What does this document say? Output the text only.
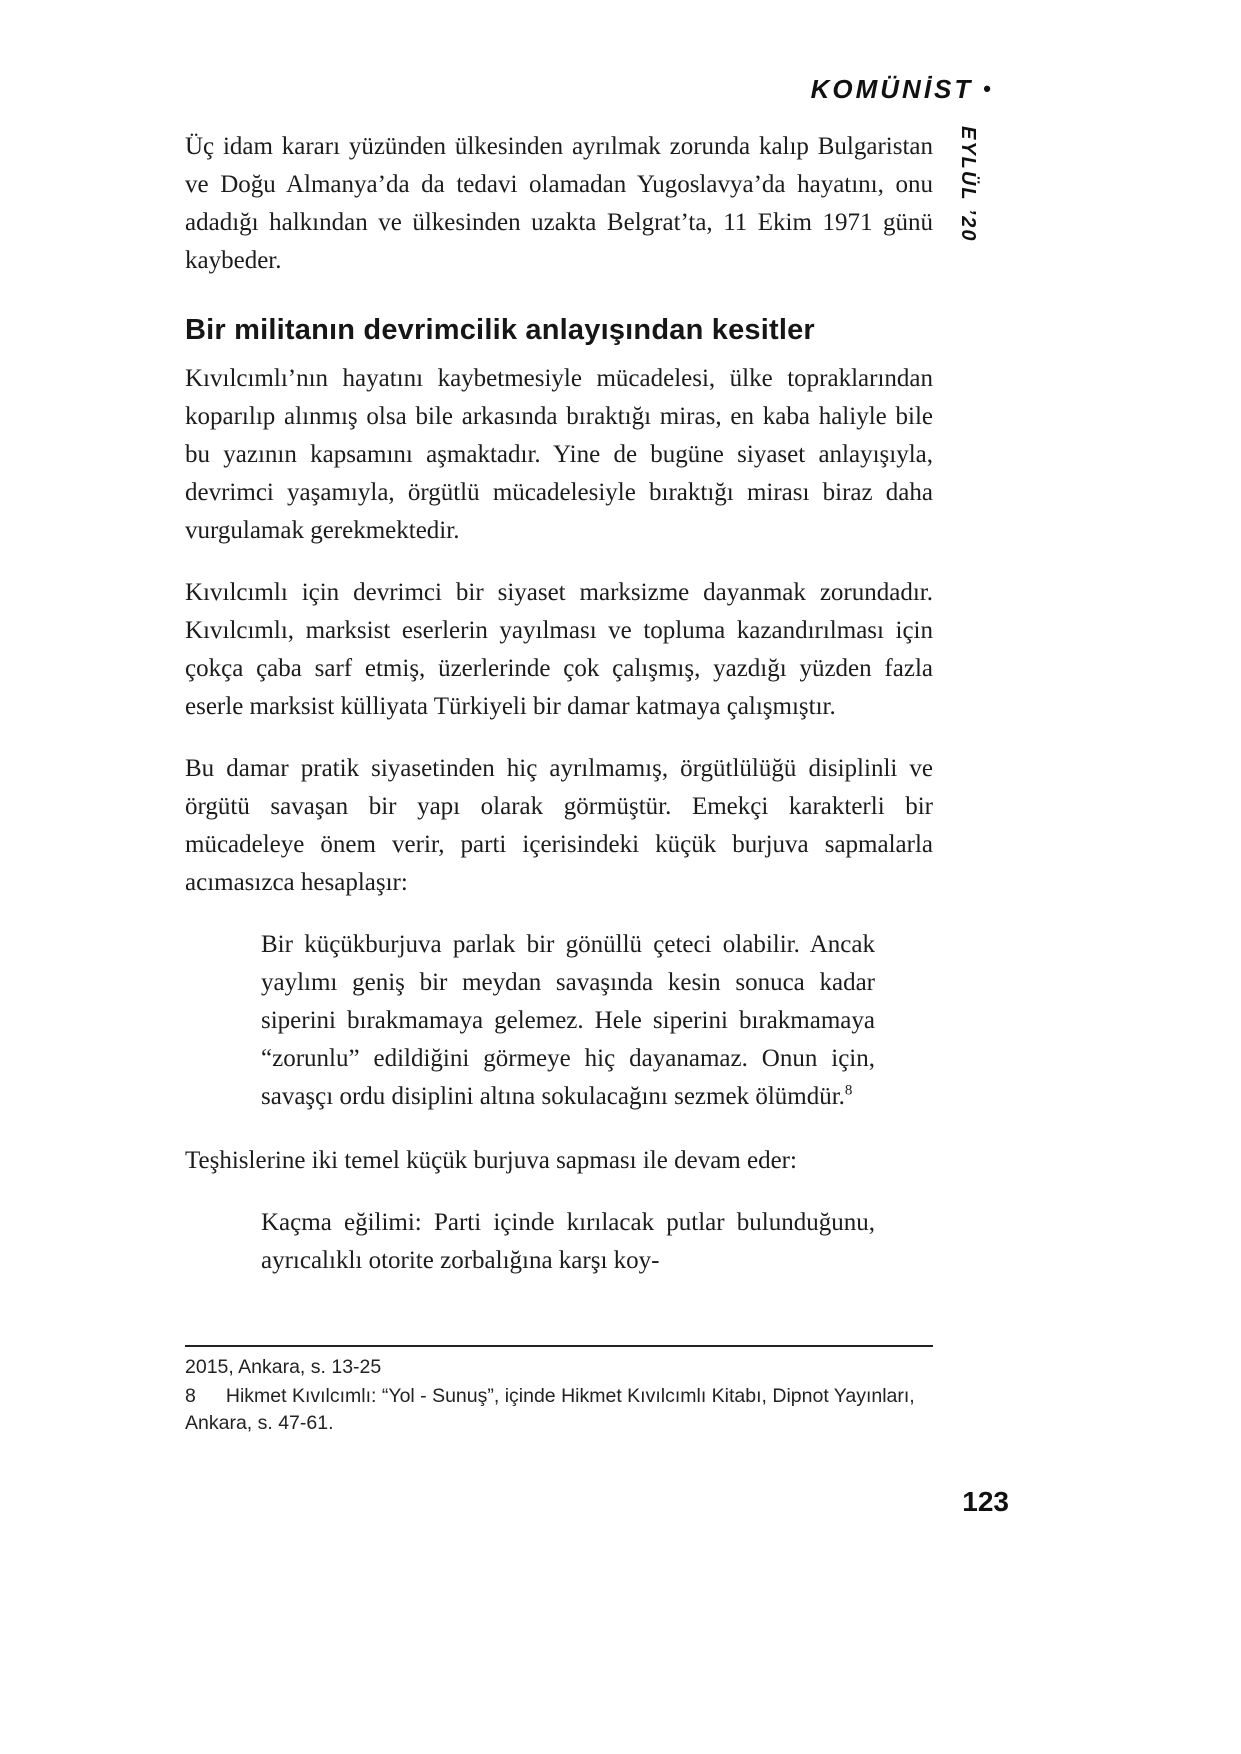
KOMÜNİST •
EYLÜL ’20

Üç idam kararı yüzünden ülkesinden ayrılmak zorunda kalıp Bulgaristan ve Doğu Almanya’da da tedavi olamadan Yugoslavya’da hayatını, onu adadığı halkından ve ülkesinden uzakta Belgrat’ta, 11 Ekim 1971 günü kaybeder.

Bir militanın devrimcilik anlayışından kesitler

Kıvılcımlı’nın hayatını kaybetmesiyle mücadelesi, ülke topraklarından koparılıp alınmış olsa bile arkasında bıraktığı miras, en kaba haliyle bile bu yazının kapsamını aşmaktadır. Yine de bugüne siyaset anlayışıyla, devrimci yaşamıyla, örgütlü mücadelesiyle bıraktığı mirası biraz daha vurgulamak gerekmektedir.

Kıvılcımlı için devrimci bir siyaset marksizme dayanmak zorundadır. Kıvılcımlı, marksist eserlerin yayılması ve topluma kazandırılması için çokça çaba sarf etmiş, üzerlerinde çok çalışmış, yazdığı yüzden fazla eserle marksist külliyata Türkiyeli bir damar katmaya çalışmıştır.

Bu damar pratik siyasetinden hiç ayrılmamış, örgütlülüğü disiplinli ve örgütü savaşan bir yapı olarak görmüştür. Emekçi karakterli bir mücadeleye önem verir, parti içerisindeki küçük burjuva sapmalarla acımasızca hesaplaşır:

Bir küçükburjuva parlak bir gönüllü çeteci olabilir. Ancak yaylımı geniş bir meydan savaşında kesin sonuca kadar siperini bırakmamaya gelemez. Hele siperini bırakmamaya “zorunlu” edildiğini görmeye hiç dayanamaz. Onun için, savaşçı ordu disiplini altına sokulacağını sezmek ölümdür.$^8$

Teşhislerine iki temel küçük burjuva sapması ile devam eder:

Kaçma eğilimi: Parti içinde kırılacak putlar bulunduğunu, ayrıcalıklı otorite zorbalığına karşı koy-

2015, Ankara, s. 13-25

8 Hikmet Kıvılcımlı: “Yol - Sunuş”, içinde Hikmet Kıvılcımlı Kitabı, Dipnot Yayınları, Ankara, s. 47-61.

123
